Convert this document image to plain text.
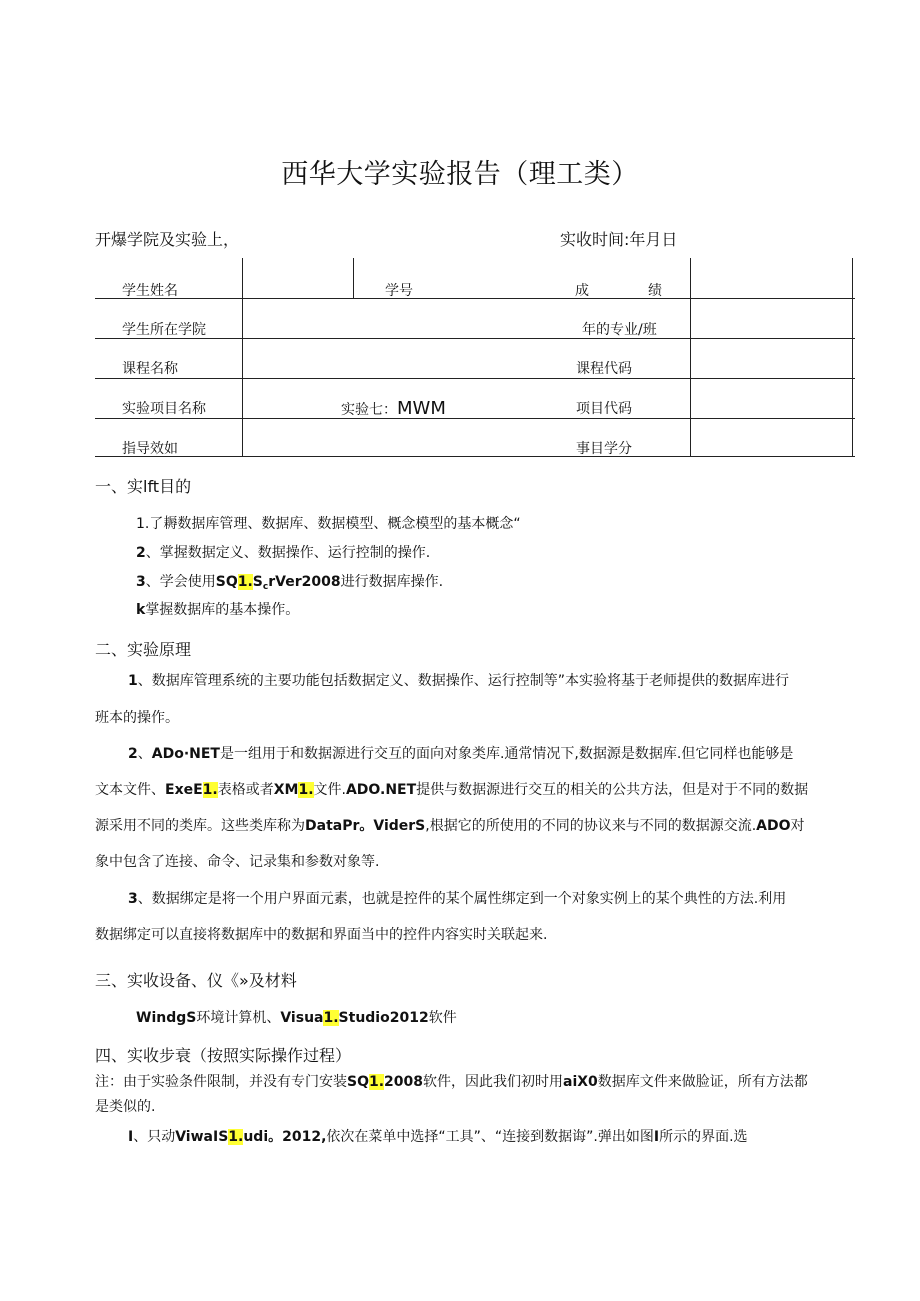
西华大学实验报告（理工类）
开爆学院及实验上，	实收时间:年月日
学生姓名	学号	成	绩
学生所在学院	年的专业/班
课程名称	课程代码
实验项目名称	实验七：MWM	项目代码
指导效如	事目学分
一、实lft目的
1.了耨数据库管理、数据库、数据模型、概念模型的基本概念“
2、掌握数据定义、数据操作、运行控制的操作.
3、学会使用$SQ1.S_crVer2008$进行数据库操作.
k掌握数据库的基本操作。
二、实验原理
1、数据库管理系统的主要功能包括数据定义、数据操作、运行控制等”本实验将基于老师提供的数据库进行
班本的操作。
2、ADo·NET是一组用于和数据源进行交互的面向对象类库.通常情况下,数据源是数据库.但它同样也能够是
文本文件、ExeE1.表格或者XM1.文件.ADO.NET提供与数据源进行交互的相关的公共方法，但是对于不同的数据
源采用不同的类库。这些类库称为DataPr。ViderS,根据它的所使用的不同的协议来与不同的数据源交流.ADO对
象中包含了连接、命令、记录集和参数对象等.
3、数据绑定是将一个用户界面元素，也就是控件的某个属性绑定到一个对象实例上的某个典性的方法.利用
数据绑定可以直接将数据库中的数据和界面当中的控件内容实时关联起来.
三、实收设备、仪《»及材料
WindgS环境计算机、Visua1.Studio2012软件
四、实收步衰（按照实际操作过程）
注：由于实验条件限制，并没有专门安装SQ1.2008软件，因此我们初时用aiX0数据库文件来做脸证，所有方法都
是类似的.
I、只动ViwaIS1.udi。2012,依次在菜单中选择“工具”、“连接到数据诲”.弹出如图I所示的界面.选
